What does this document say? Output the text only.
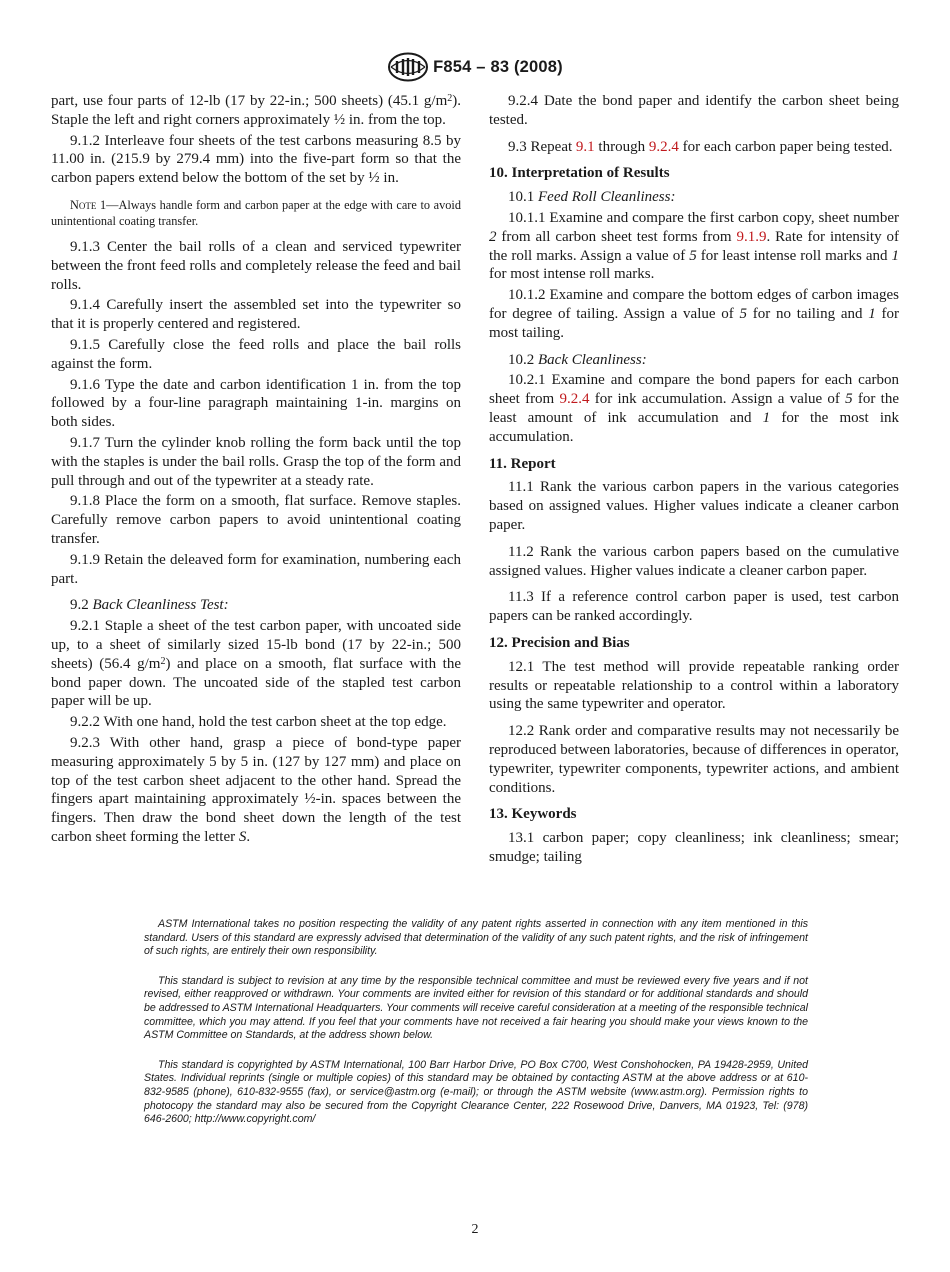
F854 – 83 (2008)

part, use four parts of 12-lb (17 by 22-in.; 500 sheets) (45.1 $g/m^2$). Staple the left and right corners approximately ½ in. from the top.

9.1.2 Interleave four sheets of the test carbons measuring 8.5 by 11.00 in. (215.9 by 279.4 mm) into the five-part form so that the carbon papers extend below the bottom of the set by ½ in.

Note 1—Always handle form and carbon paper at the edge with care to avoid unintentional coating transfer.

9.1.3 Center the bail rolls of a clean and serviced typewriter between the front feed rolls and completely release the feed and bail rolls.

9.1.4 Carefully insert the assembled set into the typewriter so that it is properly centered and registered.

9.1.5 Carefully close the feed rolls and place the bail rolls against the form.

9.1.6 Type the date and carbon identification 1 in. from the top followed by a four-line paragraph maintaining 1-in. margins on both sides.

9.1.7 Turn the cylinder knob rolling the form back until the top with the staples is under the bail rolls. Grasp the top of the form and pull through and out of the typewriter at a steady rate.

9.1.8 Place the form on a smooth, flat surface. Remove staples. Carefully remove carbon papers to avoid unintentional coating transfer.

9.1.9 Retain the deleaved form for examination, numbering each part.

9.2 Back Cleanliness Test:

9.2.1 Staple a sheet of the test carbon paper, with uncoated side up, to a sheet of similarly sized 15-lb bond (17 by 22-in.; 500 sheets) (56.4 $g/m^2$) and place on a smooth, flat surface with the bond paper down. The uncoated side of the stapled test carbon paper will be up.

9.2.2 With one hand, hold the test carbon sheet at the top edge.

9.2.3 With other hand, grasp a piece of bond-type paper measuring approximately 5 by 5 in. (127 by 127 mm) and place on top of the test carbon sheet adjacent to the other hand. Spread the fingers apart maintaining approximately ½-in. spaces between the fingers. Then draw the bond sheet down the length of the test carbon sheet forming the letter S.

9.2.4 Date the bond paper and identify the carbon sheet being tested.

9.3 Repeat 9.1 through 9.2.4 for each carbon paper being tested.

10. Interpretation of Results

10.1 Feed Roll Cleanliness:

10.1.1 Examine and compare the first carbon copy, sheet number 2 from all carbon sheet test forms from 9.1.9. Rate for intensity of the roll marks. Assign a value of 5 for least intense roll marks and 1 for most intense roll marks.

10.1.2 Examine and compare the bottom edges of carbon images for degree of tailing. Assign a value of 5 for no tailing and 1 for most tailing.

10.2 Back Cleanliness:

10.2.1 Examine and compare the bond papers for each carbon sheet from 9.2.4 for ink accumulation. Assign a value of 5 for the least amount of ink accumulation and 1 for the most ink accumulation.

11. Report

11.1 Rank the various carbon papers in the various categories based on assigned values. Higher values indicate a cleaner carbon paper.

11.2 Rank the various carbon papers based on the cumulative assigned values. Higher values indicate a cleaner carbon paper.

11.3 If a reference control carbon paper is used, test carbon papers can be ranked accordingly.

12. Precision and Bias

12.1 The test method will provide repeatable ranking order results or repeatable relationship to a control within a laboratory using the same typewriter and operator.

12.2 Rank order and comparative results may not necessarily be reproduced between laboratories, because of differences in operator, typewriter, typewriter components, typewriter actions, and ambient conditions.

13. Keywords

13.1 carbon paper; copy cleanliness; ink cleanliness; smear; smudge; tailing

ASTM International takes no position respecting the validity of any patent rights asserted in connection with any item mentioned in this standard. Users of this standard are expressly advised that determination of the validity of any such patent rights, and the risk of infringement of such rights, are entirely their own responsibility.

This standard is subject to revision at any time by the responsible technical committee and must be reviewed every five years and if not revised, either reapproved or withdrawn. Your comments are invited either for revision of this standard or for additional standards and should be addressed to ASTM International Headquarters. Your comments will receive careful consideration at a meeting of the responsible technical committee, which you may attend. If you feel that your comments have not received a fair hearing you should make your views known to the ASTM Committee on Standards, at the address shown below.

This standard is copyrighted by ASTM International, 100 Barr Harbor Drive, PO Box C700, West Conshohocken, PA 19428-2959, United States. Individual reprints (single or multiple copies) of this standard may be obtained by contacting ASTM at the above address or at 610-832-9585 (phone), 610-832-9555 (fax), or service@astm.org (e-mail); or through the ASTM website (www.astm.org). Permission rights to photocopy the standard may also be secured from the Copyright Clearance Center, 222 Rosewood Drive, Danvers, MA 01923, Tel: (978) 646-2600; http://www.copyright.com/

2
